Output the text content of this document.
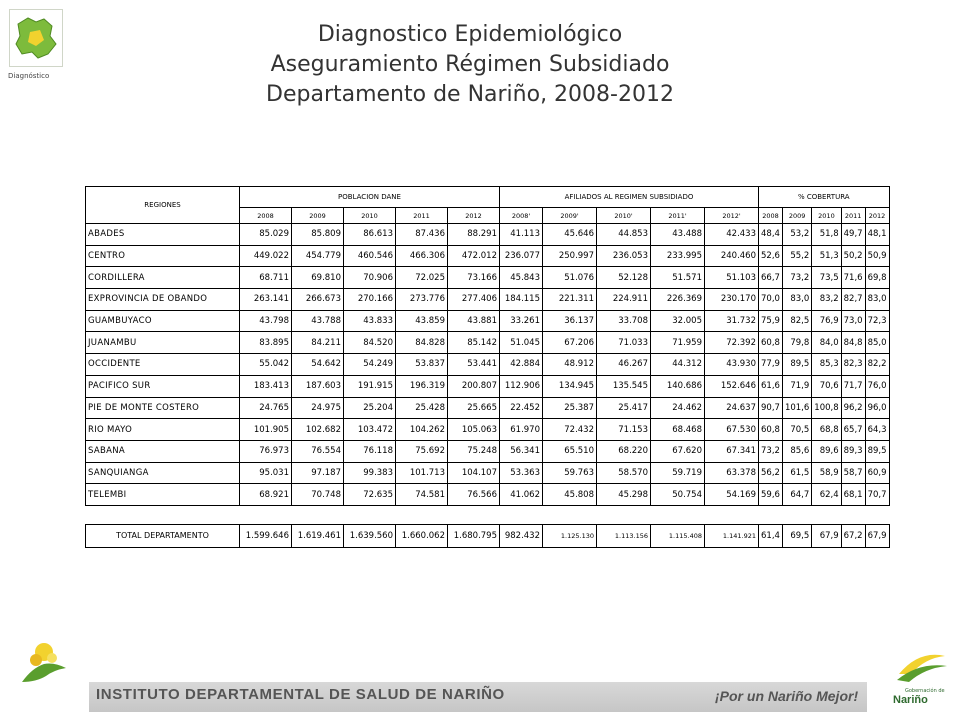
Diagnóstico
Diagnostico Epidemiológico
Aseguramiento Régimen Subsidiado
Departamento de Nariño, 2008-2012
REGIONES	POBLACION DANE					AFILIADOS AL REGIMEN SUBSIDIADO					% COBERTURA				
	2008	2009	2010	2011	2012	2008'	2009'	2010'	2011'	2012'	2008	2009	2010	2011	2012
ABADES	85.029	85.809	86.613	87.436	88.291	41.113	45.646	44.853	43.488	42.433	48,4	53,2	51,8	49,7	48,1
CENTRO	449.022	454.779	460.546	466.306	472.012	236.077	250.997	236.053	233.995	240.460	52,6	55,2	51,3	50,2	50,9
CORDILLERA	68.711	69.810	70.906	72.025	73.166	45.843	51.076	52.128	51.571	51.103	66,7	73,2	73,5	71,6	69,8
EXPROVINCIA DE OBANDO	263.141	266.673	270.166	273.776	277.406	184.115	221.311	224.911	226.369	230.170	70,0	83,0	83,2	82,7	83,0
GUAMBUYACO	43.798	43.788	43.833	43.859	43.881	33.261	36.137	33.708	32.005	31.732	75,9	82,5	76,9	73,0	72,3
JUANAMBU	83.895	84.211	84.520	84.828	85.142	51.045	67.206	71.033	71.959	72.392	60,8	79,8	84,0	84,8	85,0
OCCIDENTE	55.042	54.642	54.249	53.837	53.441	42.884	48.912	46.267	44.312	43.930	77,9	89,5	85,3	82,3	82,2
PACIFICO SUR	183.413	187.603	191.915	196.319	200.807	112.906	134.945	135.545	140.686	152.646	61,6	71,9	70,6	71,7	76,0
PIE DE MONTE COSTERO	24.765	24.975	25.204	25.428	25.665	22.452	25.387	25.417	24.462	24.637	90,7	101,6	100,8	96,2	96,0
RIO MAYO	101.905	102.682	103.472	104.262	105.063	61.970	72.432	71.153	68.468	67.530	60,8	70,5	68,8	65,7	64,3
SABANA	76.973	76.554	76.118	75.692	75.248	56.341	65.510	68.220	67.620	67.341	73,2	85,6	89,6	89,3	89,5
SANQUIANGA	95.031	97.187	99.383	101.713	104.107	53.363	59.763	58.570	59.719	63.378	56,2	61,5	58,9	58,7	60,9
TELEMBI	68.921	70.748	72.635	74.581	76.566	41.062	45.808	45.298	50.754	54.169	59,6	64,7	62,4	68,1	70,7

TOTAL DEPARTAMENTO	1.599.646	1.619.461	1.639.560	1.660.062	1.680.795	982.432	1.125.130	1.113.156	1.115.408	1.141.921	61,4	69,5	67,9	67,2	67,9
INSTITUTO DEPARTAMENTAL DE SALUD DE NARIÑO	¡Por un Nariño Mejor!	Gobernación de
Nariño
